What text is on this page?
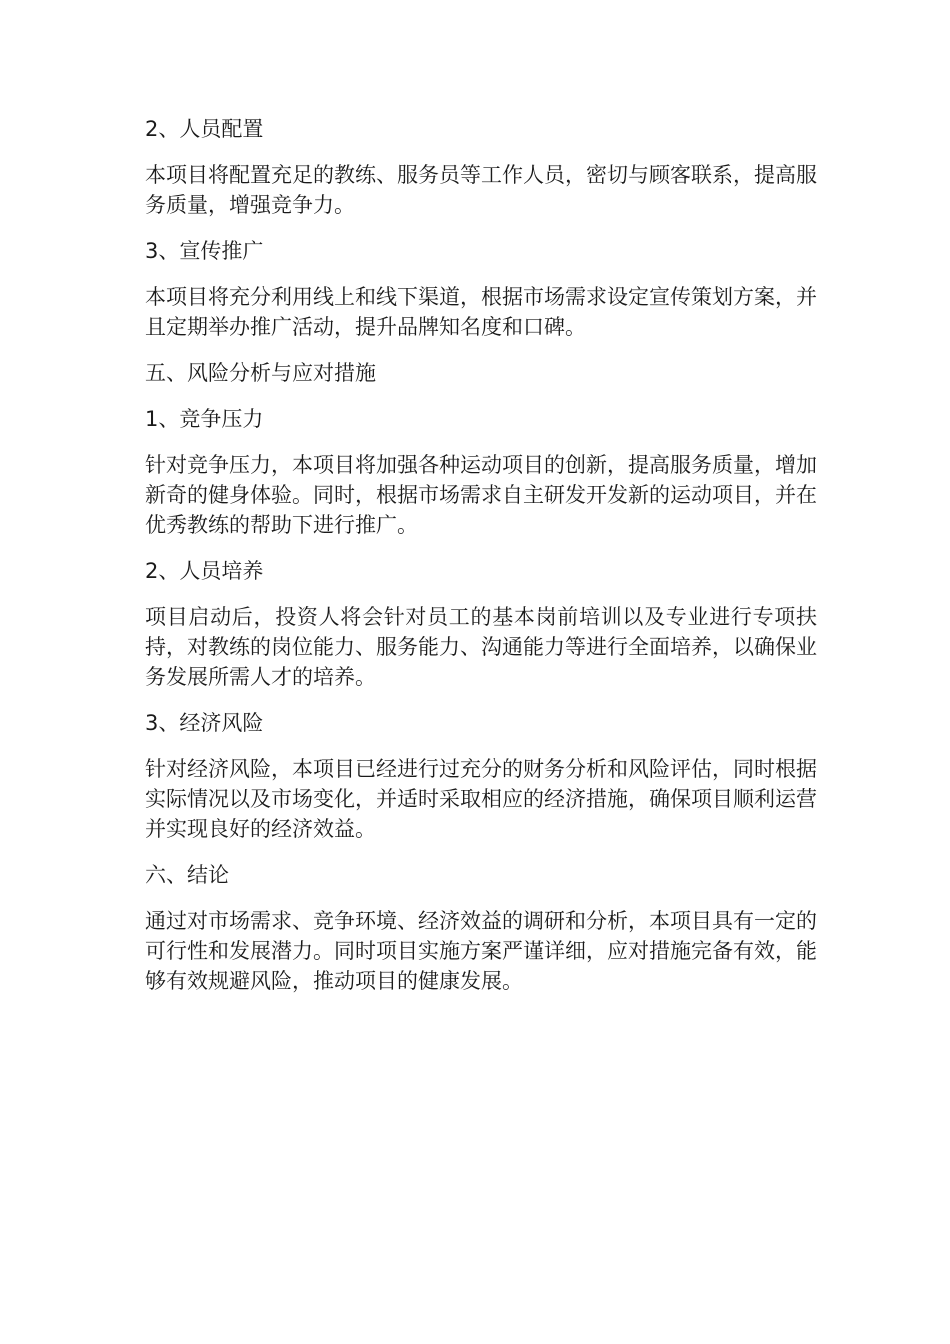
2、人员配置
本项目将配置充足的教练、服务员等工作人员，密切与顾客联系，提高服务质量，增强竞争力。
3、宣传推广
本项目将充分利用线上和线下渠道，根据市场需求设定宣传策划方案，并且定期举办推广活动，提升品牌知名度和口碑。
五、风险分析与应对措施
1、竞争压力
针对竞争压力，本项目将加强各种运动项目的创新，提高服务质量，增加新奇的健身体验。同时，根据市场需求自主研发开发新的运动项目，并在优秀教练的帮助下进行推广。
2、人员培养
项目启动后，投资人将会针对员工的基本岗前培训以及专业进行专项扶持，对教练的岗位能力、服务能力、沟通能力等进行全面培养，以确保业务发展所需人才的培养。
3、经济风险
针对经济风险，本项目已经进行过充分的财务分析和风险评估，同时根据实际情况以及市场变化，并适时采取相应的经济措施，确保项目顺利运营并实现良好的经济效益。
六、结论
通过对市场需求、竞争环境、经济效益的调研和分析，本项目具有一定的可行性和发展潜力。同时项目实施方案严谨详细，应对措施完备有效，能够有效规避风险，推动项目的健康发展。
